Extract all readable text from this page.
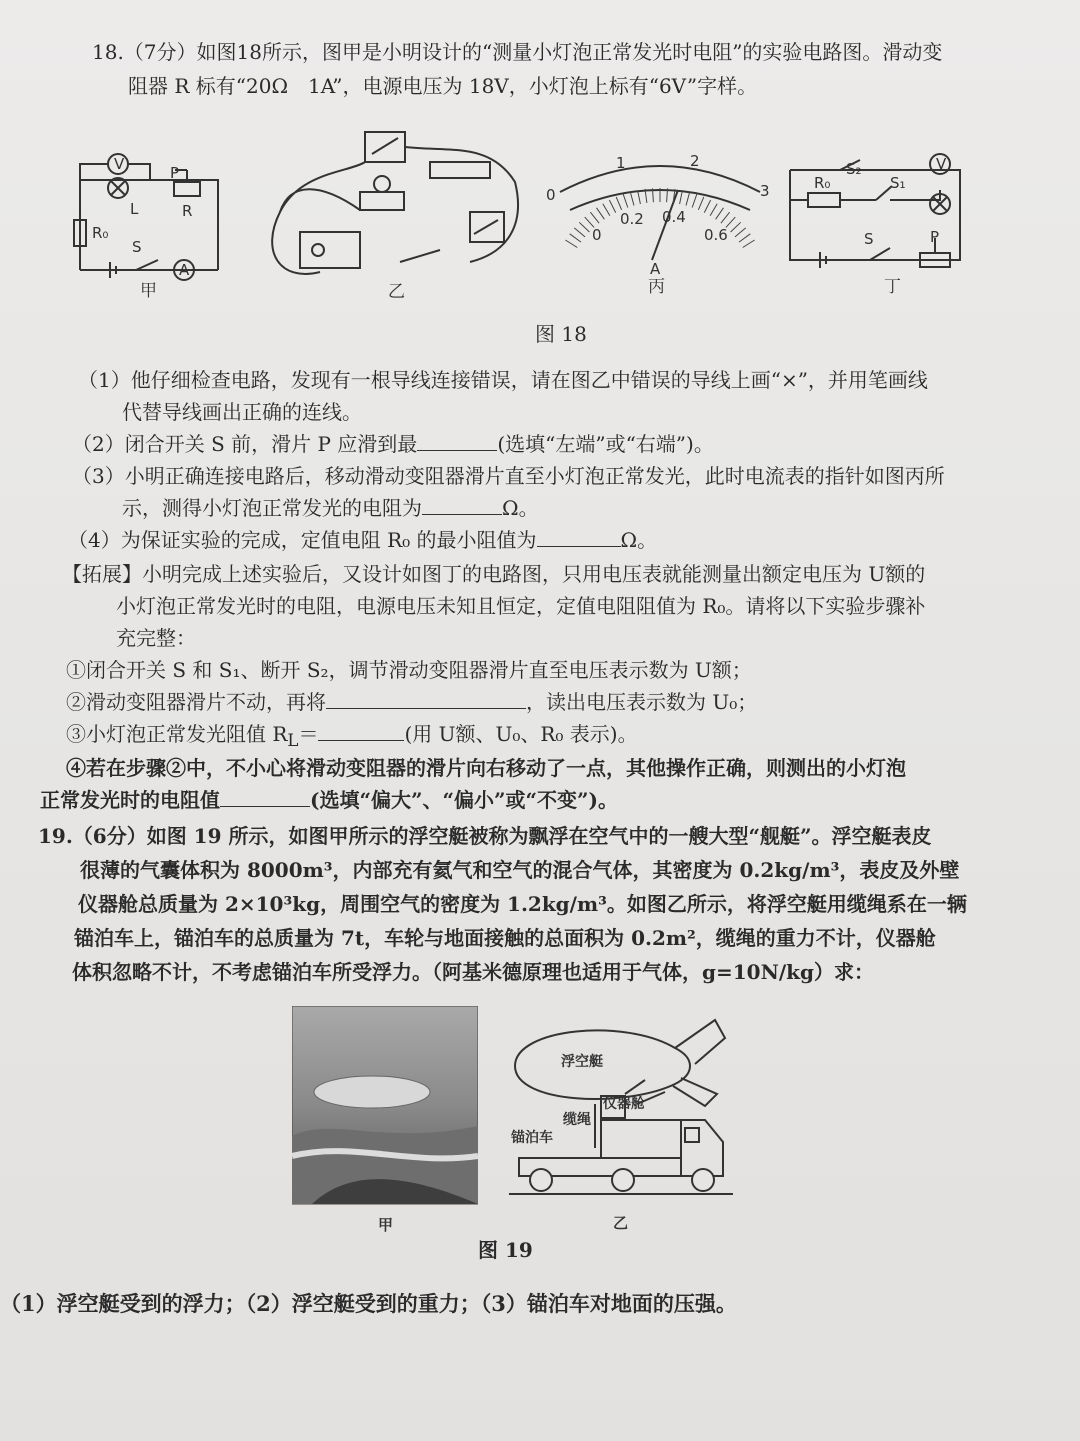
18.（7分）如图18所示，图甲是小明设计的“测量小灯泡正常发光时电阻”的实验电路图。滑动变
阻器 R 标有“20Ω　1A”，电源电压为 18V，小灯泡上标有“6V”字样。
V
L
P
R
R₀
S
A
甲	乙
0
1	2
3
0
0.2 0.4
0.6
A
丙
S₂
S₁
V
R₀
S	P
丁
图 18
（1）他仔细检查电路，发现有一根导线连接错误，请在图乙中错误的导线上画“×”，并用笔画线
代替导线画出正确的连线。
（2）闭合开关 S 前，滑片 P 应滑到最	(选填“左端”或“右端”)。
（3）小明正确连接电路后，移动滑动变阻器滑片直至小灯泡正常发光，此时电流表的指针如图丙所
示，测得小灯泡正常发光的电阻为	Ω。
（4）为保证实验的完成，定值电阻 R₀ 的最小阻值为	Ω。
【拓展】小明完成上述实验后，又设计如图丁的电路图，只用电压表就能测量出额定电压为 U额的
小灯泡正常发光时的电阻，电源电压未知且恒定，定值电阻阻值为 R₀。请将以下实验步骤补
充完整：
①闭合开关 S 和 S₁、断开 S₂，调节滑动变阻器滑片直至电压表示数为 U额；
②滑动变阻器滑片不动，再将	，读出电压表示数为 U₀；
③小灯泡正常发光阻值 $R_L=$	(用 U额、U₀、R₀ 表示)。
④若在步骤②中，不小心将滑动变阻器的滑片向右移动了一点，其他操作正确，则测出的小灯泡
正常发光时的电阻值	(选填“偏大”、“偏小”或“不变”)。
19.（6分）如图 19 所示，如图甲所示的浮空艇被称为飘浮在空气中的一艘大型“舰艇”。浮空艇表皮
很薄的气囊体积为 8000m³，内部充有氦气和空气的混合气体，其密度为 0.2kg/m³，表皮及外壁
仪器舱总质量为 2×10³kg，周围空气的密度为 1.2kg/m³。如图乙所示，将浮空艇用缆绳系在一辆
锚泊车上，锚泊车的总质量为 7t，车轮与地面接触的总面积为 0.2m²，缆绳的重力不计，仪器舱
体积忽略不计，不考虑锚泊车所受浮力。（阿基米德原理也适用于气体，g=10N/kg）求：
甲
浮空艇
缆绳
仪器舱
锚泊车
乙
图 19
（1）浮空艇受到的浮力；（2）浮空艇受到的重力；（3）锚泊车对地面的压强。
